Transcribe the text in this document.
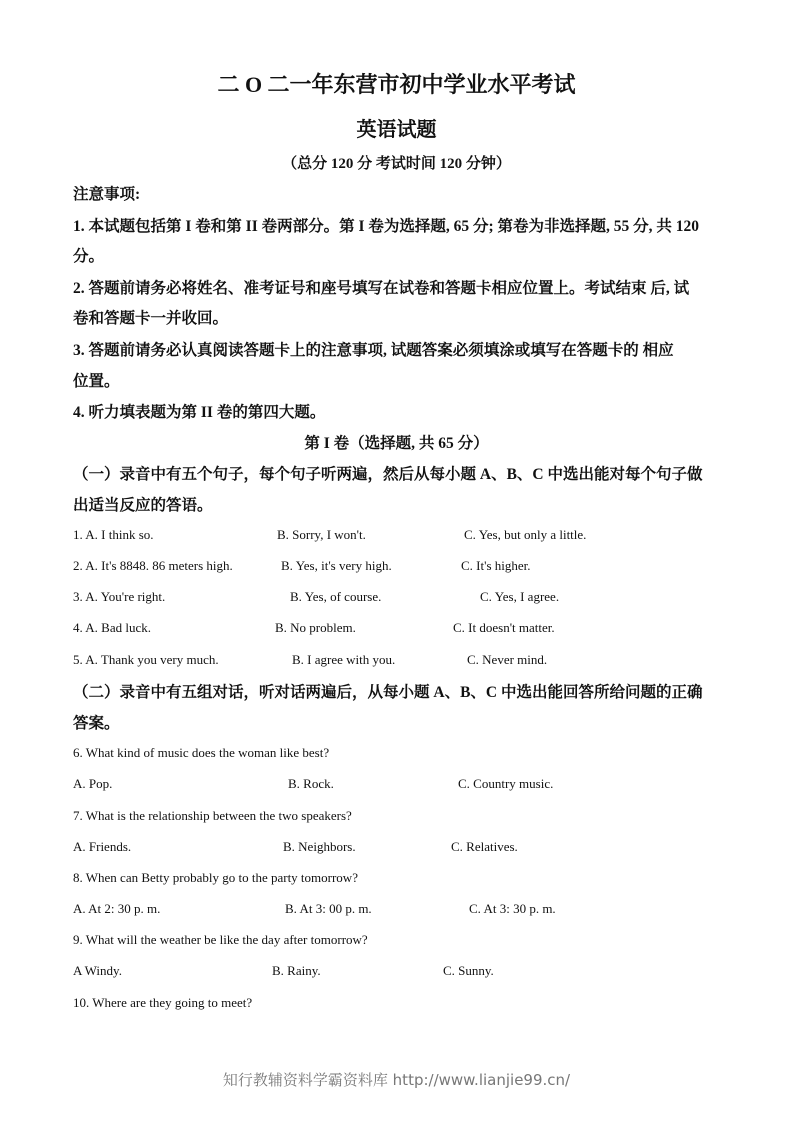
二 O 二一年东营市初中学业水平考试
英语试题
（总分 120 分 考试时间 120 分钟）
注意事项:
1. 本试题包括第 I 卷和第 II 卷两部分。第 I 卷为选择题, 65 分; 第卷为非选择题, 55 分, 共 120
分。
2. 答题前请务必将姓名、准考证号和座号填写在试卷和答题卡相应位置上。考试结束 后, 试
卷和答题卡一并收回。
3. 答题前请务必认真阅读答题卡上的注意事项, 试题答案必须填涂或填写在答题卡的 相应
位置。
4. 听力填表题为第 II 卷的第四大题。
第 I 卷（选择题, 共 65 分）
（一）录音中有五个句子，每个句子听两遍，然后从每小题 A、B、C 中选出能对每个句子做
出适当反应的答语。
1. A. I think so.	B. Sorry, I won't.	C. Yes, but only a little.
2. A. It's 8848. 86 meters high.	B. Yes, it's very high.	C. It's higher.
3. A. You're right.	B. Yes, of course.	C. Yes, I agree.
4. A. Bad luck.	B. No problem.	C. It doesn't matter.
5. A. Thank you very much.	B. I agree with you.	C. Never mind.
（二）录音中有五组对话，听对话两遍后，从每小题 A、B、C 中选出能回答所给问题的正确
答案。
6. What kind of music does the woman like best?
A. Pop.	B. Rock.	C. Country music.
7. What is the relationship between the two speakers?
A. Friends.	B. Neighbors.	C. Relatives.
8. When can Betty probably go to the party tomorrow?
A. At 2: 30 p. m.	B. At 3: 00 p. m.	C. At 3: 30 p. m.
9. What will the weather be like the day after tomorrow?
A Windy.	B. Rainy.	C. Sunny.
10. Where are they going to meet?
知行教辅资料学霸资料库 http://www.lianjie99.cn/
